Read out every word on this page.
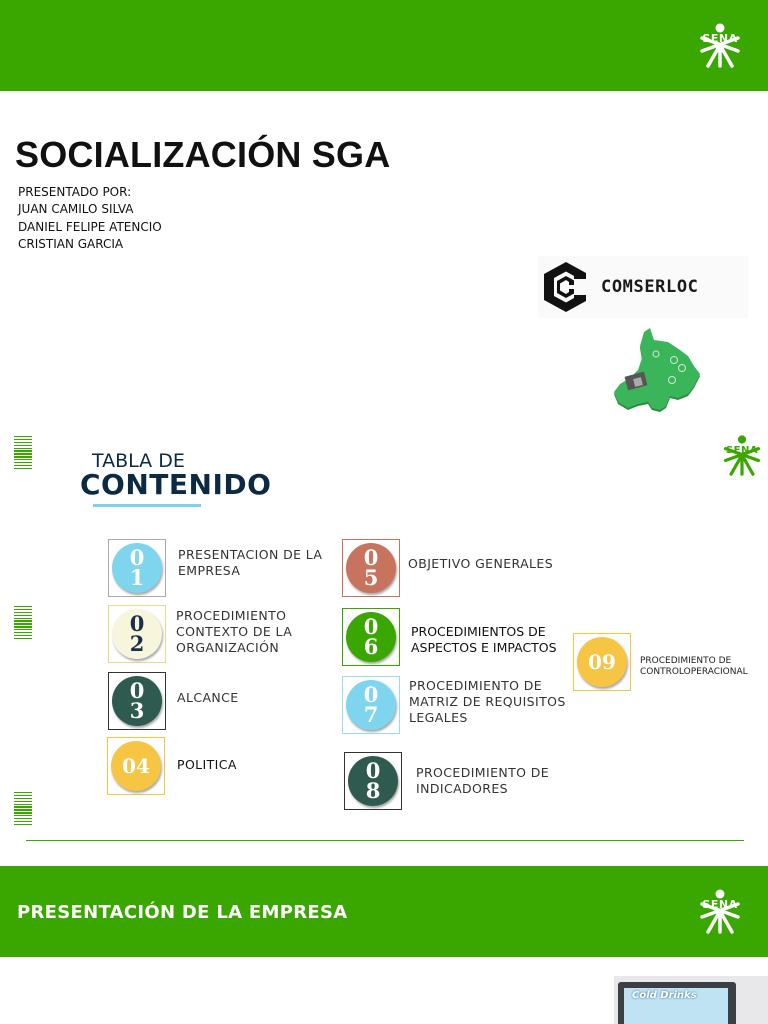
SENA
SOCIALIZACIÓN SGA
PRESENTADO POR:
JUAN CAMILO SILVA
DANIEL FELIPE ATENCIO
CRISTIAN GARCIA
COMSERLOC
SENA
TABLA DE
CONTENIDO
0
1
PRESENTACION DE LA
EMPRESA
0
2
PROCEDIMIENTO
CONTEXTO DE LA
ORGANIZACIÓN
0
3
ALCANCE
04 POLITICA
0
5
OBJETIVO GENERALES
0
6
PROCEDIMIENTOS DE
ASPECTOS E IMPACTOS
0
7
PROCEDIMIENTO DE
MATRIZ DE REQUISITOS
LEGALES
0
8
PROCEDIMIENTO DE
INDICADORES
09	PROCEDIMIENTO DE
CONTROLOPERACIONAL
PRESENTACIÓN DE LA EMPRESA	SENA
Cold Drinks
